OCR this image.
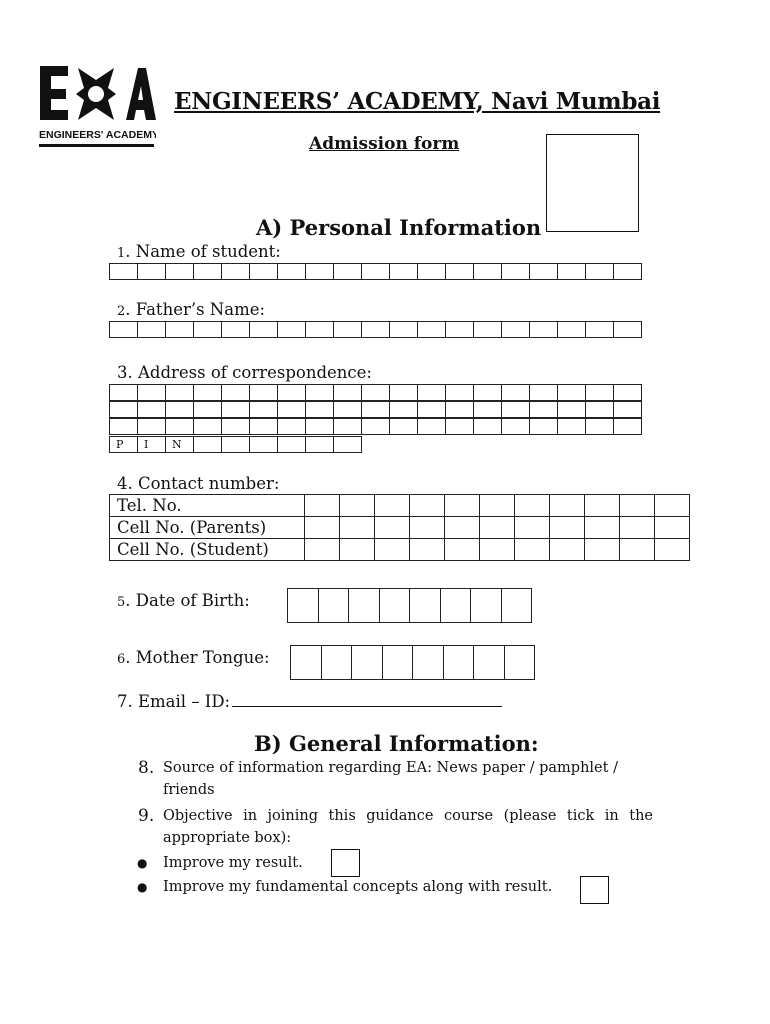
ENGINEERS' ACADEMY
ENGINEERS’ ACADEMY, Navi Mumbai
Admission form
A) Personal Information
1. Name of student:
2. Father’s Name:
3. Address of correspondence:
P	I	N
4. Contact number:
Tel. No.											
Cell No. (Parents)											
Cell No. (Student)											
5. Date of Birth:
6. Mother Tongue:
7. Email – ID:
B) General Information:
8. Source of information regarding EA: News paper / pamphlet / friends
9. Objective in joining this guidance course (please tick in the appropriate box):
● Improve my result.
● Improve my fundamental concepts along with result.
